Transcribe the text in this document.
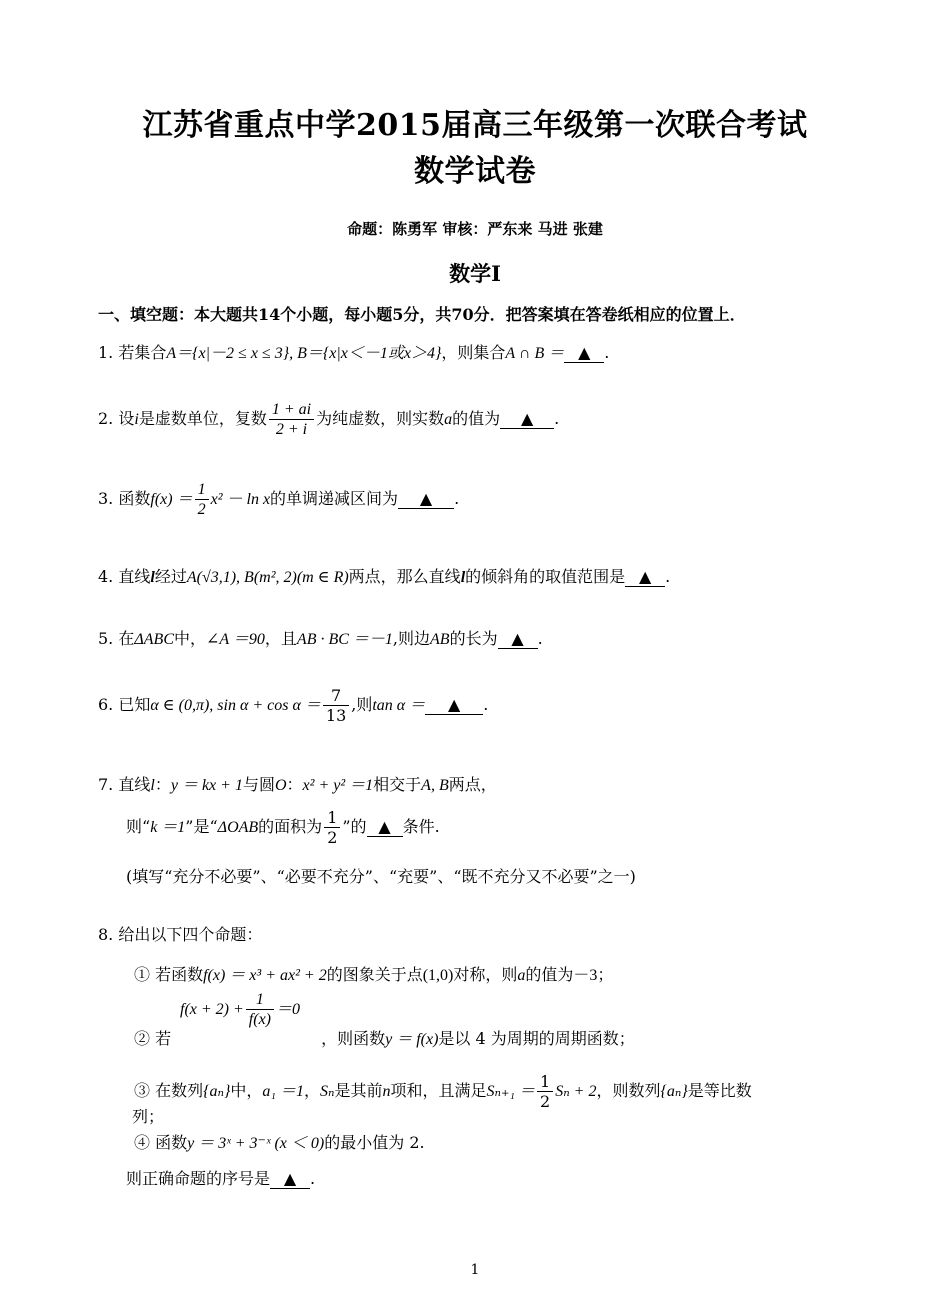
江苏省重点中学2015届高三年级第一次联合考试
数学试卷
命题：陈勇军 审核：严东来 马进 张建
数学Ⅰ
一、填空题：本大题共14个小题，每小题5分，共70分．把答案填在答卷纸相应的位置上．
1. 若集合A＝{x|－2 ≤ x ≤ 3}, B＝{x|x＜－1或x＞4}，则集合A ∩ B ＝ ▲ .
2. 设i是虚数单位，复数 $\frac{1 + ai}{2 + i}$ 为纯虚数，则实数a的值为 ▲ .
3. 函数$f(x) = \frac{1}{2} x^2 - \ln x$的单调递减区间为 ▲ .
4. 直线l经过A(√3,1), B(m², 2)(m ∈ R)两点，那么直线l的倾斜角的取值范围是 ▲ .
5. 在ΔABC中，∠A ＝90，且AB · BC ＝－1,则边AB的长为 ▲ .
6. 已知α ∈ (0,π), $\sin \alpha + \cos \alpha = \frac{7}{13}$ ,则tan α ＝ ▲ .
7. 直线l：y ＝ kx + 1与圆O：x² + y² ＝1相交于A, B两点，
则“k ＝1”是“ΔOAB的面积为 $\frac{1}{2}$ ”的 ▲ 条件.
(填写“充分不必要”、“必要不充分”、“充要”、“既不充分又不必要”之一)
8. 给出以下四个命题：
① 若函数f(x) ＝ x³ + ax² + 2的图象关于点(1,0)对称，则a的值为－3；
$f(x + 2) + \frac{1}{f(x)} =0$
② 若	，则函数y ＝ f(x)是以 4 为周期的周期函数；
③ 在数列{aₙ}中，a₁ ＝1，Sₙ是其前n项和，且满足$S_{n+1} = \frac{1}{2}$ Sₙ + 2，则数列{aₙ}是等比数
列；
④ 函数y ＝ 3ˣ + 3⁻ˣ (x ＜ 0)的最小值为 2.
则正确命题的序号是 ▲ .
1
